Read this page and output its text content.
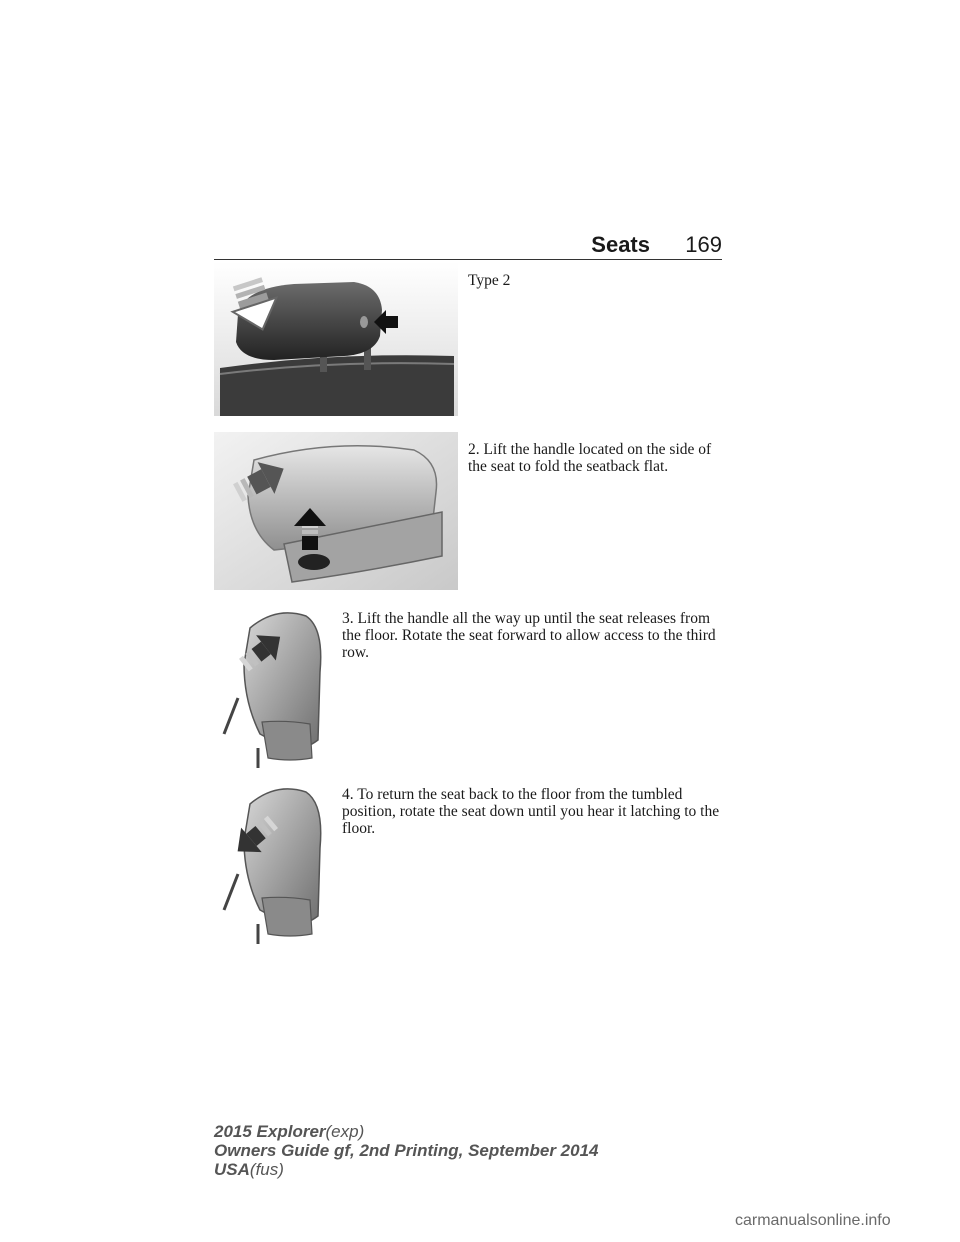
Seats	169

Type 2

2. Lift the handle located on the side of the seat to fold the seatback flat.

3. Lift the handle all the way up until the seat releases from the floor. Rotate the seat forward to allow access to the third row.

4. To return the seat back to the floor from the tumbled position, rotate the seat down until you hear it latching to the floor.

2015 Explorer(exp)
Owners Guide gf, 2nd Printing, September 2014
USA(fus)
carmanualsonline.info
